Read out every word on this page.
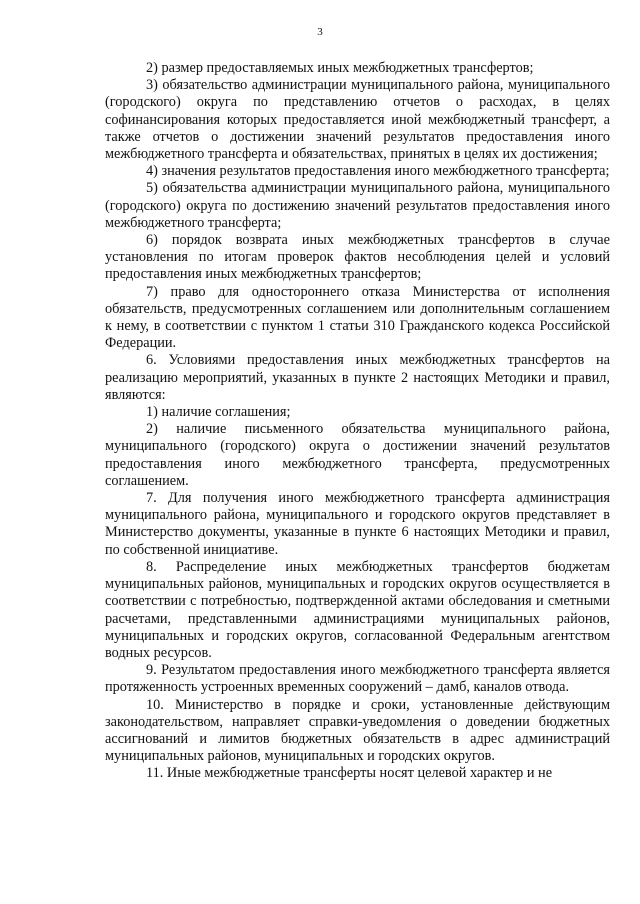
3

2) размер предоставляемых иных межбюджетных трансфертов;

3) обязательство администрации муниципального района, муниципального (городского) округа по представлению отчетов о расходах, в целях софинансирования которых предоставляется иной межбюджетный трансферт, а также отчетов о достижении значений результатов предоставления иного межбюджетного трансферта и обязательствах, принятых в целях их достижения;

4) значения результатов предоставления иного межбюджетного трансферта;

5) обязательства администрации муниципального района, муниципального (городского) округа по достижению значений результатов предоставления иного межбюджетного трансферта;

6) порядок возврата иных межбюджетных трансфертов в случае установления по итогам проверок фактов несоблюдения целей и условий предоставления иных межбюджетных трансфертов;

7) право для одностороннего отказа Министерства от исполнения обязательств, предусмотренных соглашением или дополнительным соглашением к нему, в соответствии с пунктом 1 статьи 310 Гражданского кодекса Российской Федерации.

6. Условиями предоставления иных межбюджетных трансфертов на реализацию мероприятий, указанных в пункте 2 настоящих Методики и правил, являются:

1) наличие соглашения;

2) наличие письменного обязательства муниципального района, муниципального (городского) округа о достижении значений результатов предоставления иного межбюджетного трансферта, предусмотренных соглашением.

7. Для получения иного межбюджетного трансферта администрация муниципального района, муниципального и городского округов представляет в Министерство документы, указанные в пункте 6 настоящих Методики и правил, по собственной инициативе.

8. Распределение иных межбюджетных трансфертов бюджетам муниципальных районов, муниципальных и городских округов осуществляется в соответствии с потребностью, подтвержденной актами обследования и сметными расчетами, представленными администрациями муниципальных районов, муниципальных и городских округов, согласованной Федеральным агентством водных ресурсов.

9. Результатом предоставления иного межбюджетного трансферта является протяженность устроенных временных сооружений – дамб, каналов отвода.

10. Министерство в порядке и сроки, установленные действующим законодательством, направляет справки-уведомления о доведении бюджетных ассигнований и лимитов бюджетных обязательств в адрес администраций муниципальных районов, муниципальных и городских округов.

11. Иные межбюджетные трансферты носят целевой характер и не
